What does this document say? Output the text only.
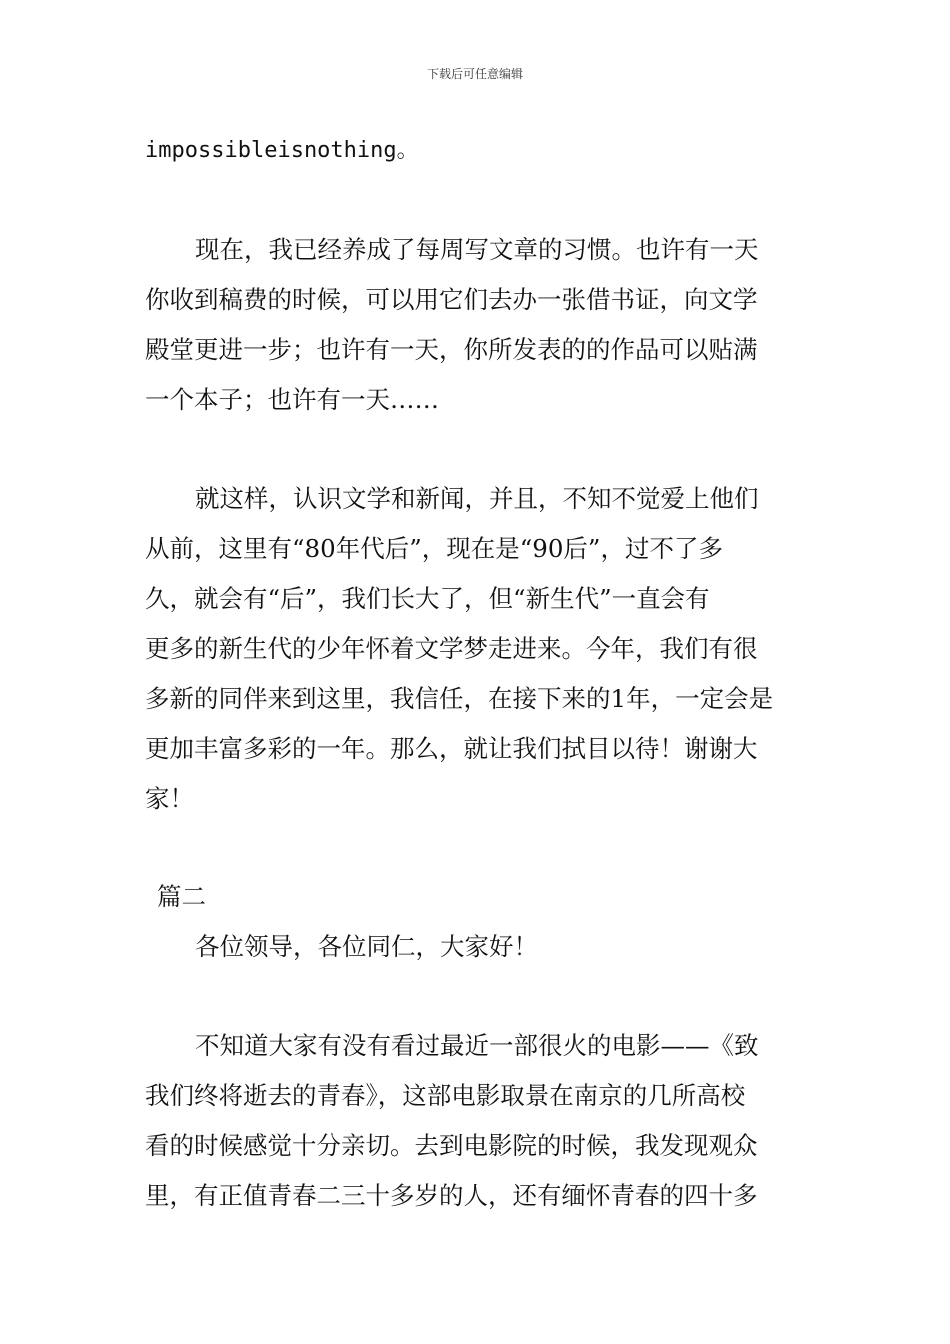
下载后可任意编辑
impossibleisnothing。
现在，我已经养成了每周写文章的习惯。也许有一天
你收到稿费的时候，可以用它们去办一张借书证，向文学
殿堂更进一步；也许有一天，你所发表的的作品可以贴满
一个本子；也许有一天……
就这样，认识文学和新闻，并且，不知不觉爱上他们
从前，这里有“80年代后”，现在是“90后”，过不了多
久，就会有“后”，我们长大了，但“新生代”一直会有
更多的新生代的少年怀着文学梦走进来。今年，我们有很
多新的同伴来到这里，我信任，在接下来的1年，一定会是
更加丰富多彩的一年。那么，就让我们拭目以待！谢谢大
家！
篇二
各位领导，各位同仁，大家好！
不知道大家有没有看过最近一部很火的电影——《致
我们终将逝去的青春》，这部电影取景在南京的几所高校
看的时候感觉十分亲切。去到电影院的时候，我发现观众
里，有正值青春二三十多岁的人，还有缅怀青春的四十多
